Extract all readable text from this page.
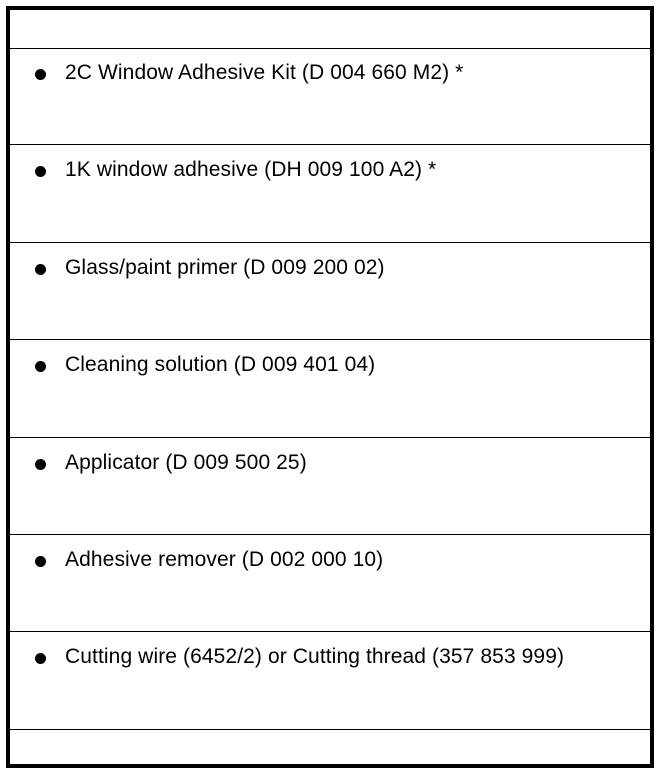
2C Window Adhesive Kit (D 004 660 M2) *
1K window adhesive (DH 009 100 A2) *
Glass/paint primer (D 009 200 02)
Cleaning solution (D 009 401 04)
Applicator (D 009 500 25)
Adhesive remover (D 002 000 10)
Cutting wire (6452/2) or Cutting thread (357 853 999)
